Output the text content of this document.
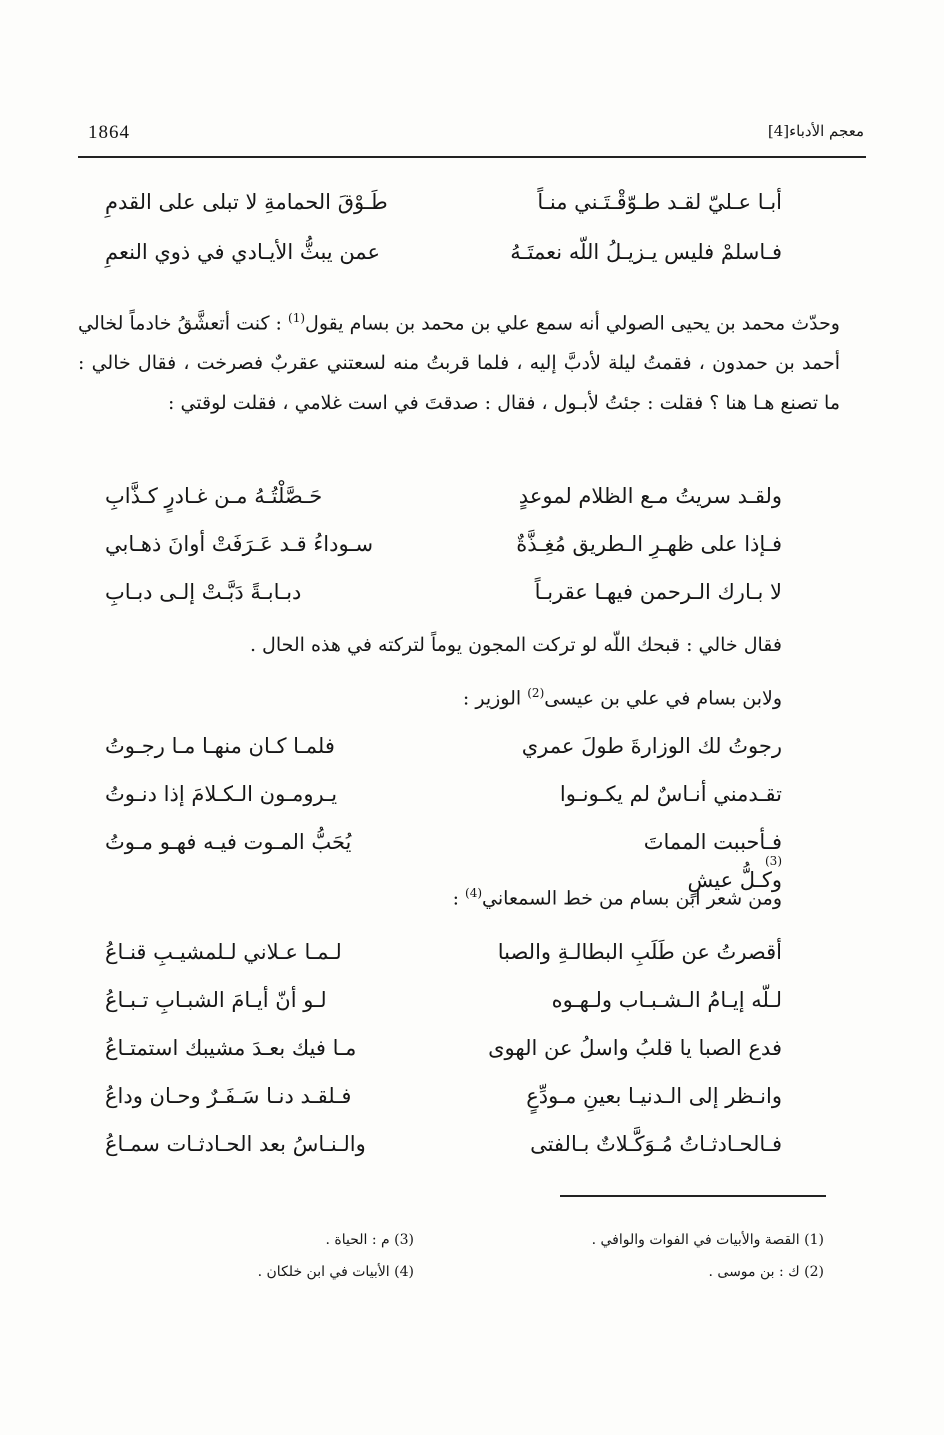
1864	معجم الأدباء[4]
أبـا عـليّ لقـد طـوّقْـتَـني منـاً
طَـوْقَ الحمامةِ لا تبلى على القدمِ
فـاسلمْ فليس يـزيـلُ اللّه نعمتَـهُ
عمن يبثُّ الأيـادي في ذوي النعمِ

وحدّث محمد بن يحيى الصولي أنه سمع علي بن محمد بن بسام يقول$^{(1)}$ : كنت أتعشَّقُ خادماً لخالي أحمد بن حمدون ، فقمتُ ليلة لأدبَّ إليه ، فلما قربتُ منه لسعتني عقربٌ فصرخت ، فقال خالي : ما تصنع هـا هنا ؟ فقلت : جئتُ لأبـول ، فقال : صدقتَ في است غلامي ، فقلت لوقتي :

ولقـد سريتُ مـع الظلام لموعدٍ
حَـصَّلْتُـهُ مـن غـادرٍ كـذَّابِ
فـإذا على ظهـرِ الـطريق مُغِـذَّةٌ
سـوداءُ قـد عَـرَفَتْ أوانَ ذهـابي
لا بـارك الـرحمن فيهـا عقربـاً
دبـابـةً دَبَّـتْ إلـى دبـابِ
فقال خالي : قبحك اللّه لو تركت المجون يوماً لتركته في هذه الحال .
ولابن بسام في علي بن عيسى$^{(2)}$ الوزير :
رجوتُ لك الوزارةَ طولَ عمري
فلمـا كـان منهـا مـا رجـوتُ
تقـدمني أنـاسٌ لم يكـونـوا
يـرومـون الـكـلامَ إذا دنـوتُ
فـأحببت المماتَ
(3)
وكـلُّ عيشٍ
يُحَبُّ المـوت فيـه فهـو مـوتُ
ومن شعر ابن بسام من خط السمعاني$^{(4)}$ :
أقصرتُ عن طَلَبِ البطالـةِ والصبا
لـمـا عـلاني لـلمشيـبِ قنـاعُ
لـلّه إيـامُ الـشـبـاب ولـهـوه
لـو أنّ أيـامَ الشبـابِ تـبـاعُ
فدع الصبا يا قلبُ واسلُ عن الهوى
مـا فيك بعـدَ مشيبك استمتـاعُ
وانـظر إلى الـدنيـا بعينِ مـودِّعٍ
فـلقـد دنـا سَـفَـرٌ وحـان وداعُ
فـالحـادثـاتُ مُـوَكَّـلاتٌ بـالفتى
والـنـاسُ بعد الحـادثـات سمـاعُ
(1) القصة والأبيات في الفوات والوافي .
(2) ك : بن موسى .
(3) م : الحياة .
(4) الأبيات في ابن خلكان .
